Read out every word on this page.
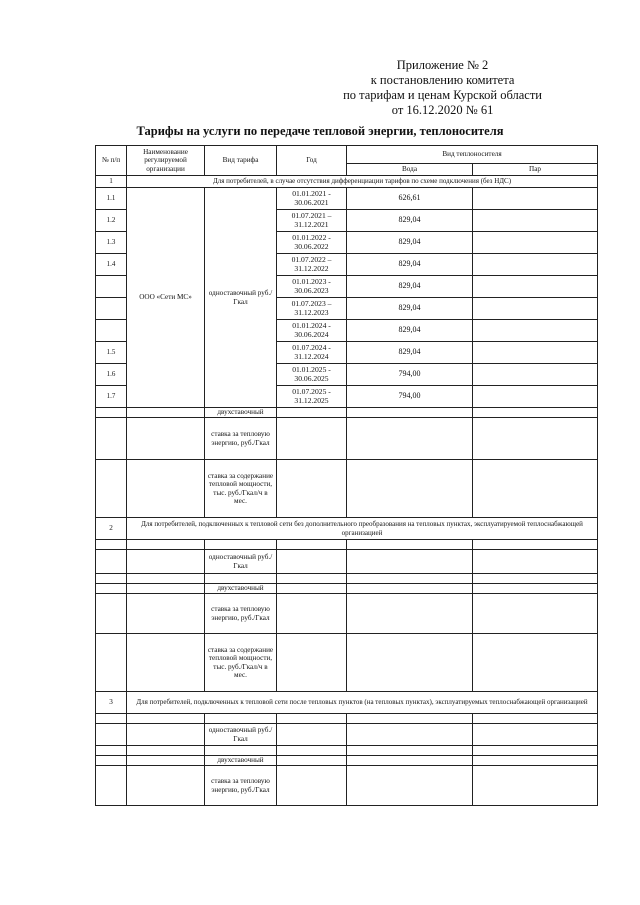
Приложение № 2
к постановлению комитета
по тарифам и ценам Курской области
от 16.12.2020 № 61
Тарифы на услуги по передаче тепловой энергии, теплоносителя
№ п/п	Наименование регулируемой организации	Вид тарифа	Год	Вид теплоносителя	
				Вода	Пар
1	Для потребителей, в случае отсутствия дифференциации тарифов по схеме подключения (без НДС)				
1.1	ООО «Сети МС»	одноставочный руб./Гкал	01.01.2021 - 30.06.2021	626,61	
1.2			01.07.2021 – 31.12.2021	829,04	
1.3			01.01.2022 - 30.06.2022	829,04	
1.4			01.07.2022 – 31.12.2022	829,04	
			01.01.2023 - 30.06.2023	829,04	
			01.07.2023 – 31.12.2023	829,04	
			01.01.2024 - 30.06.2024	829,04	
1.5			01.07.2024 - 31.12.2024	829,04	
1.6			01.01.2025 - 30.06.2025	794,00	
1.7			01.07.2025 - 31.12.2025	794,00	
		двухставочный			
		ставка за тепловую энергию, руб./Гкал			
		ставка за содержание тепловой мощности, тыс. руб./Гкал/ч в мес.			
2	Для потребителей, подключенных к тепловой сети без дополнительного преобразования на тепловых пунктах, эксплуатируемой теплоснабжающей организацией				

		одноставочный руб./Гкал			

		двухставочный			
		ставка за тепловую энергию, руб./Гкал			
		ставка за содержание тепловой мощности, тыс. руб./Гкал/ч в мес.			
3	Для потребителей, подключенных к тепловой сети после тепловых пунктов (на тепловых пунктах), эксплуатируемых теплоснабжающей организацией				

		одноставочный руб./Гкал			

		двухставочный			
		ставка за тепловую энергию, руб./Гкал			
